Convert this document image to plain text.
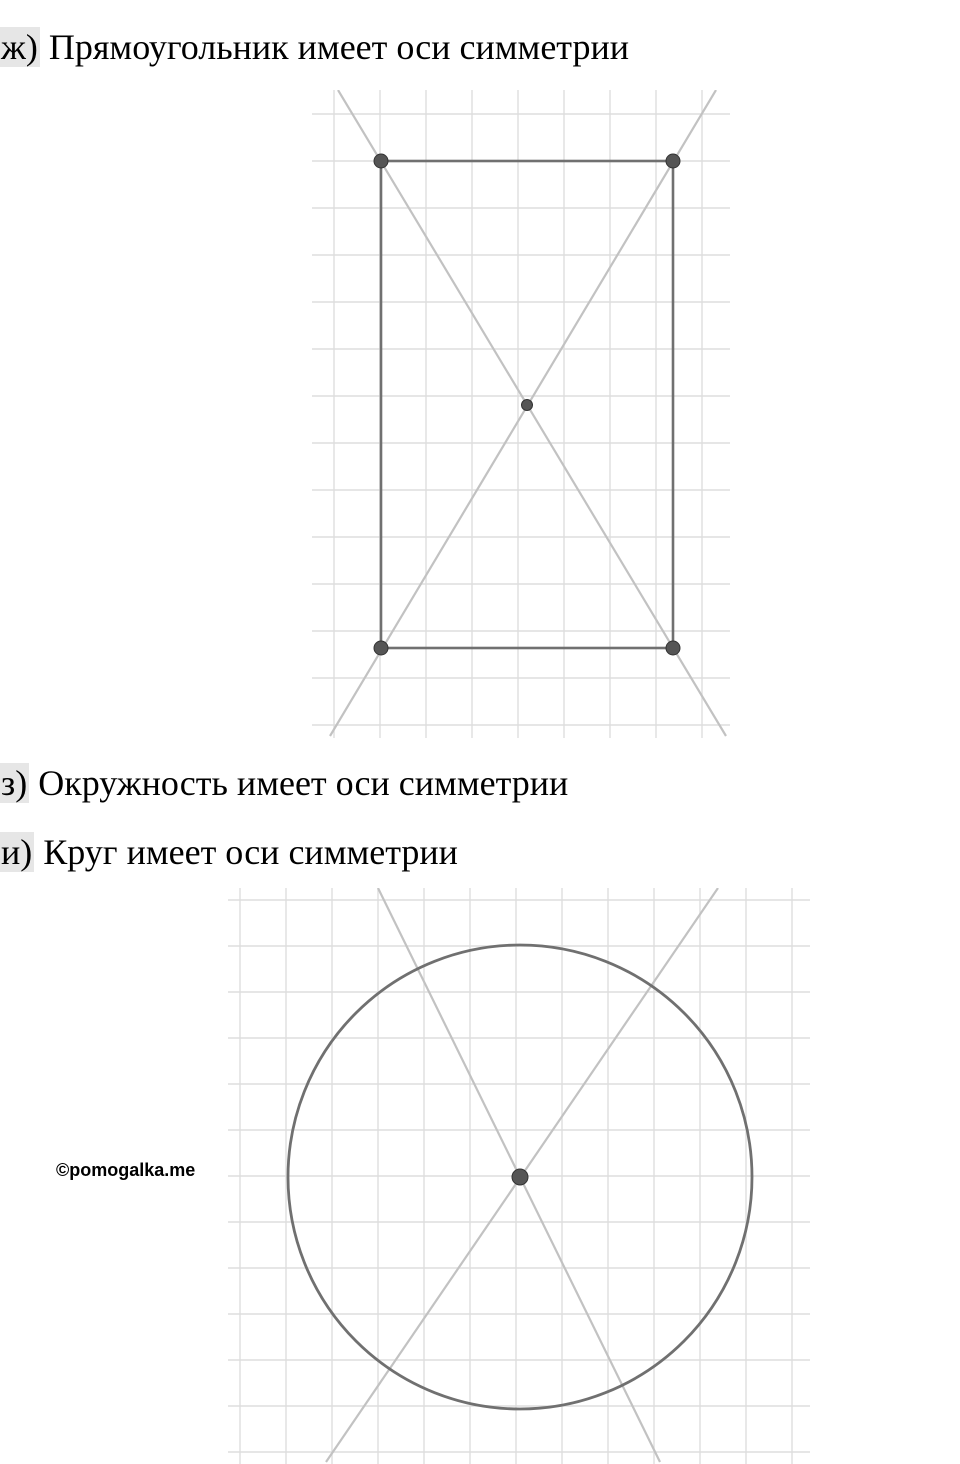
ж) Прямоугольник имеет оси симметрии
з) Окружность имеет оси симметрии
и) Круг имеет оси симметрии
©pomogalka.me
